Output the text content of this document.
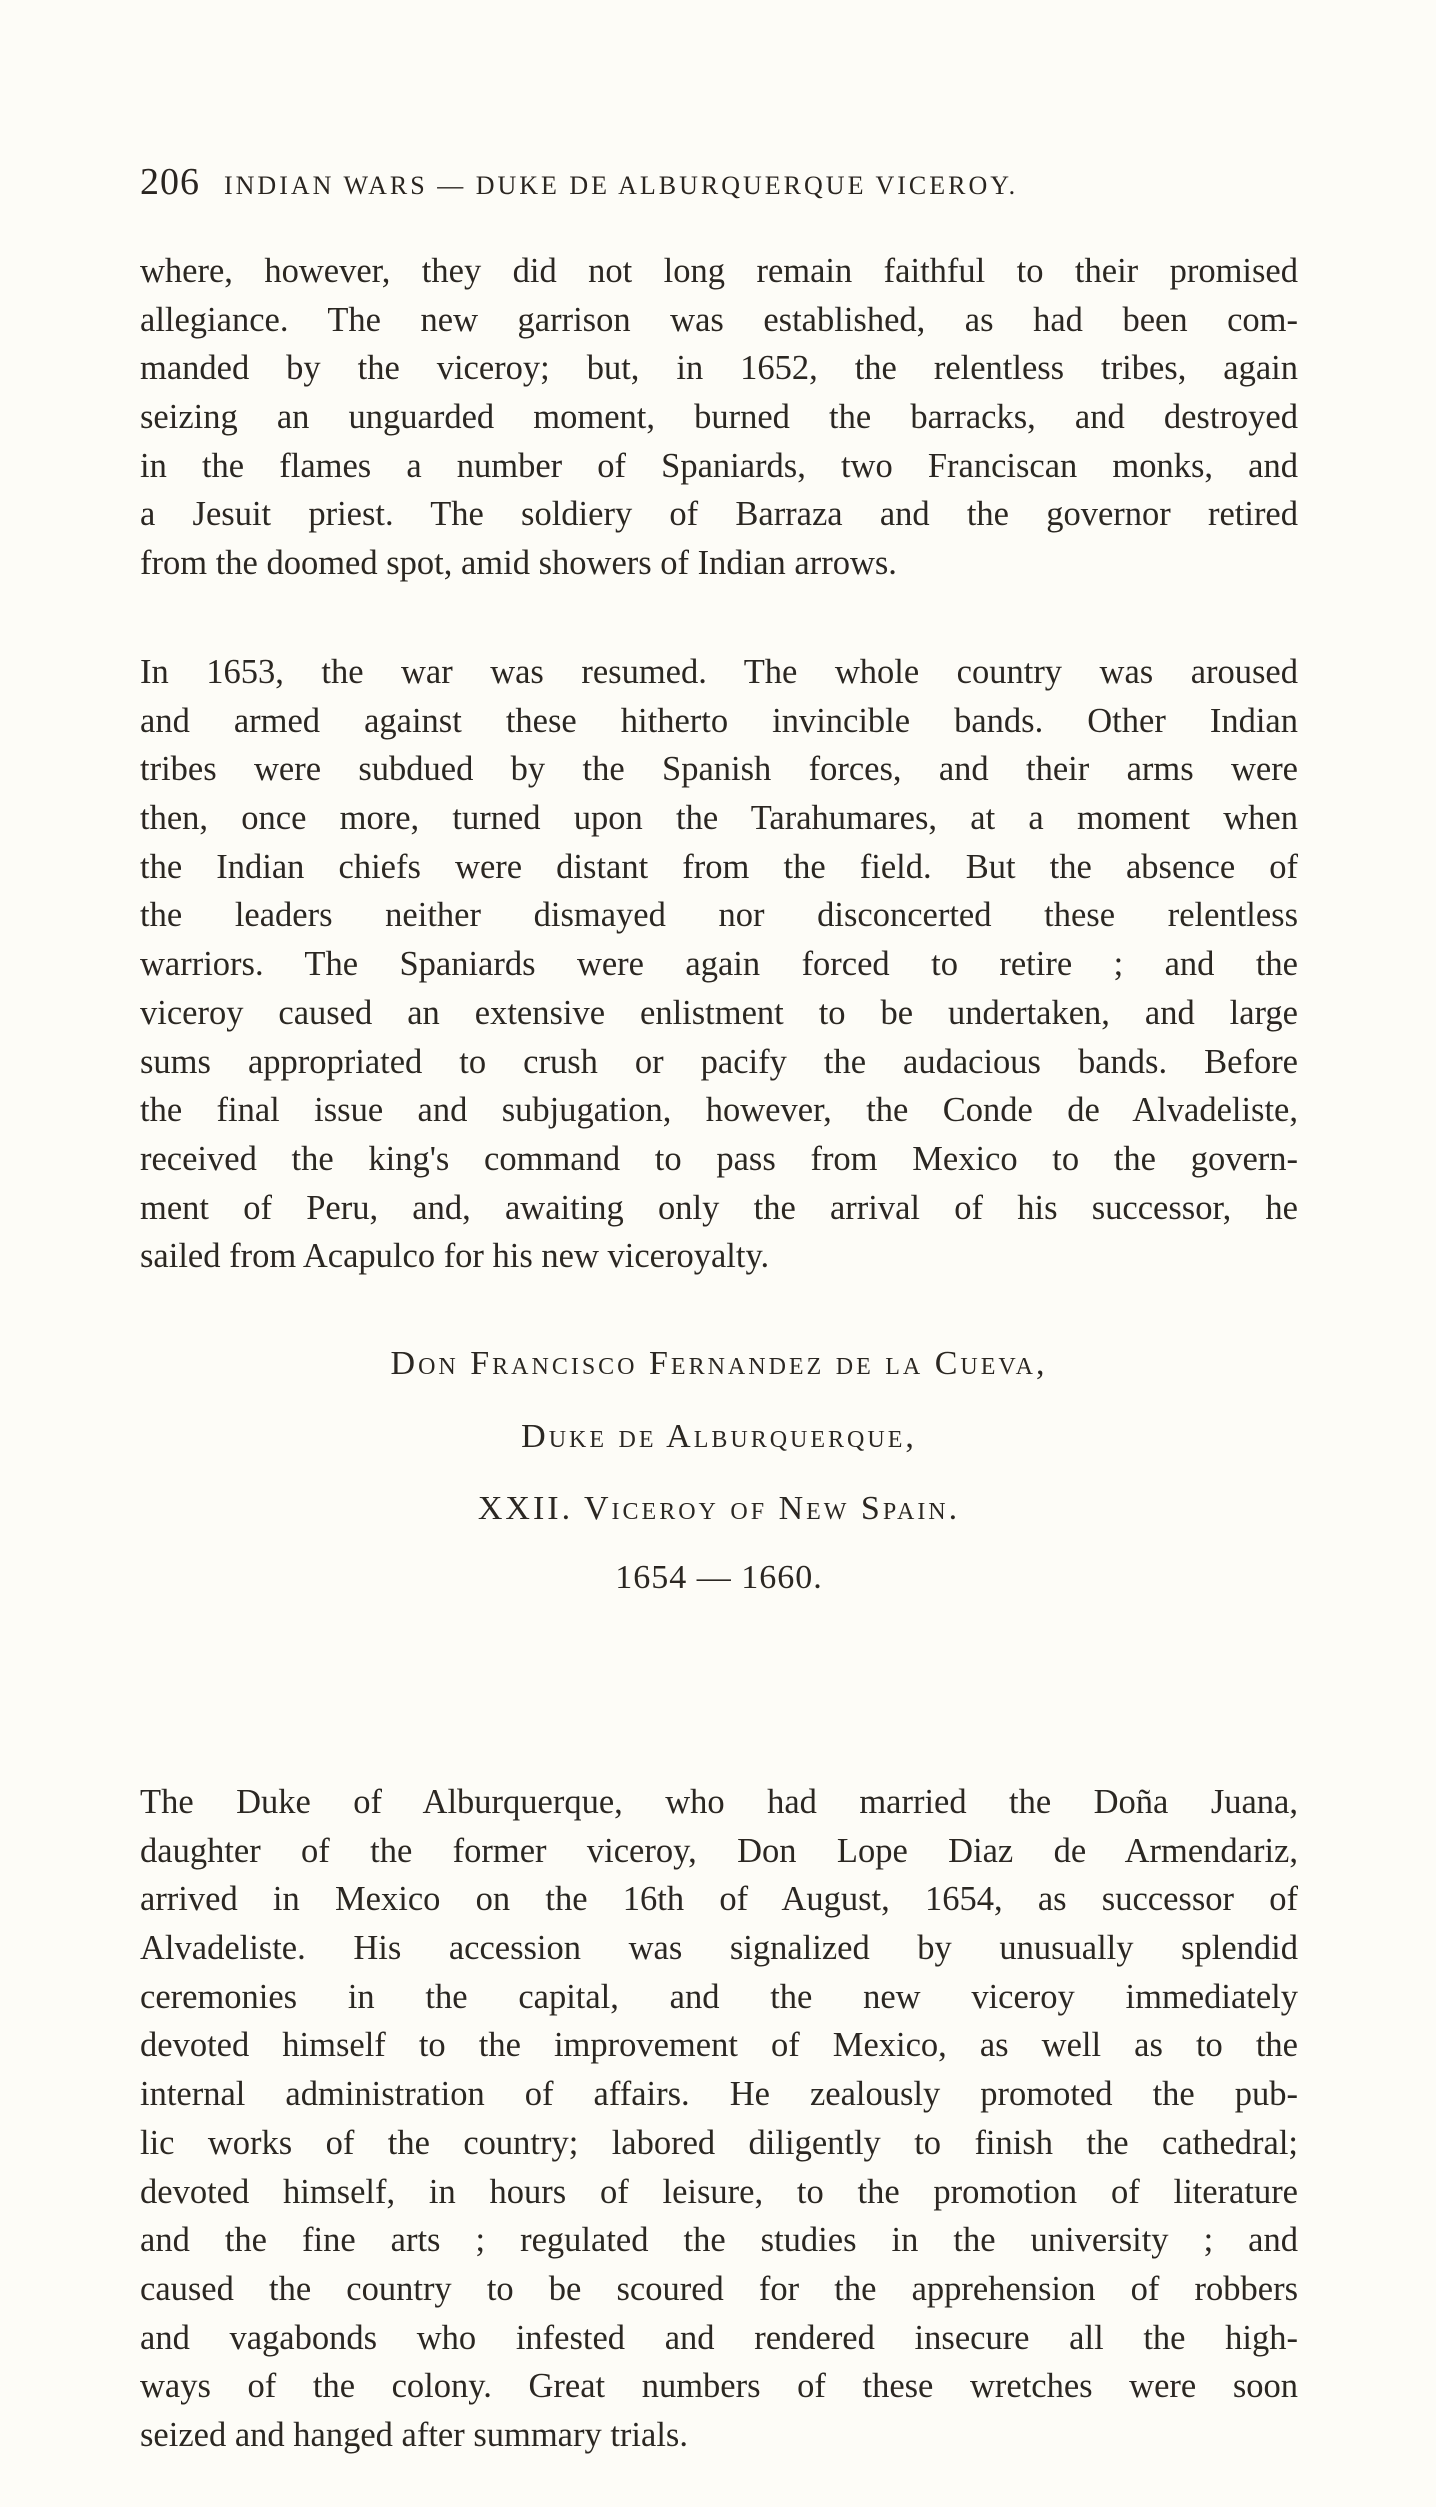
206 INDIAN WARS — DUKE DE ALBURQUERQUE VICEROY.
where, however, they did not long remain faithful to their promised
allegiance. The new garrison was established, as had been com-
manded by the viceroy; but, in 1652, the relentless tribes, again
seizing an unguarded moment, burned the barracks, and destroyed
in the flames a number of Spaniards, two Franciscan monks, and
a Jesuit priest. The soldiery of Barraza and the governor retired
from the doomed spot, amid showers of Indian arrows.
In 1653, the war was resumed. The whole country was aroused
and armed against these hitherto invincible bands. Other Indian
tribes were subdued by the Spanish forces, and their arms were
then, once more, turned upon the Tarahumares, at a moment when
the Indian chiefs were distant from the field. But the absence of
the leaders neither dismayed nor disconcerted these relentless
warriors. The Spaniards were again forced to retire ; and the
viceroy caused an extensive enlistment to be undertaken, and large
sums appropriated to crush or pacify the audacious bands. Before
the final issue and subjugation, however, the Conde de Alvadeliste,
received the king's command to pass from Mexico to the govern-
ment of Peru, and, awaiting only the arrival of his successor, he
sailed from Acapulco for his new viceroyalty.
Don Francisco Fernandez de la Cueva,
Duke de Alburquerque,
XXII. Viceroy of New Spain.
1654 — 1660.
The Duke of Alburquerque, who had married the Doña Juana,
daughter of the former viceroy, Don Lope Diaz de Armendariz,
arrived in Mexico on the 16th of August, 1654, as successor of
Alvadeliste. His accession was signalized by unusually splendid
ceremonies in the capital, and the new viceroy immediately
devoted himself to the improvement of Mexico, as well as to the
internal administration of affairs. He zealously promoted the pub-
lic works of the country; labored diligently to finish the cathedral;
devoted himself, in hours of leisure, to the promotion of literature
and the fine arts ; regulated the studies in the university ; and
caused the country to be scoured for the apprehension of robbers
and vagabonds who infested and rendered insecure all the high-
ways of the colony. Great numbers of these wretches were soon
seized and hanged after summary trials.
